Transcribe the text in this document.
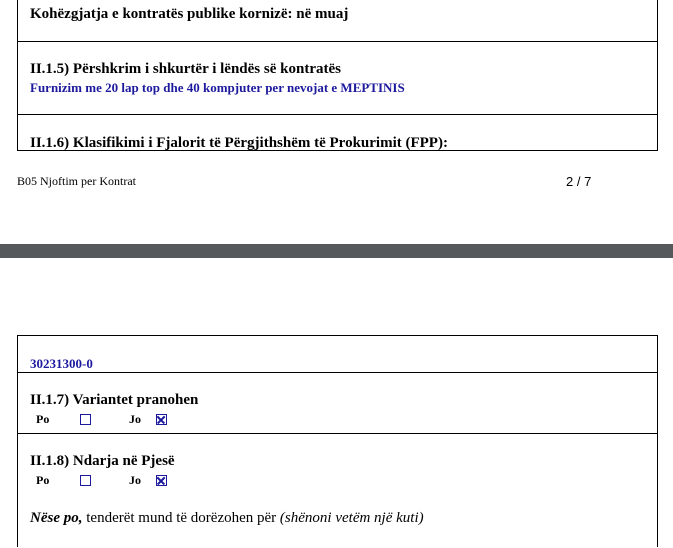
Kohëzgjatja e kontratës publike kornizë: në muaj
II.1.5) Përshkrim i shkurtër i lëndës së kontratës
Furnizim me 20 lap top dhe 40 kompjuter per nevojat e MEPTINIS
II.1.6) Klasifikimi i Fjalorit të Përgjithshëm të Prokurimit (FPP):
B05 Njoftim per Kontrat	2 / 7
30231300-0
II.1.7) Variantet pranohen
Po	Jo
II.1.8) Ndarja në Pjesë
Po	Jo
Nëse po, tenderët mund të dorëzohen për (shënoni vetëm një kuti)
